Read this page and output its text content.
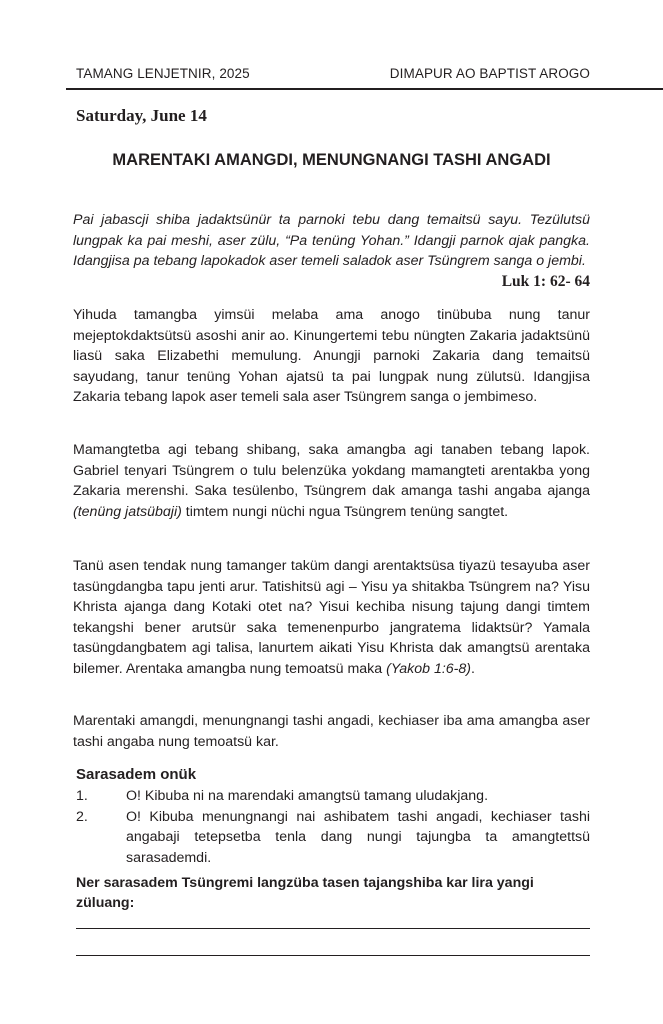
TAMANG LENJETNIR, 2025	DIMAPUR AO BAPTIST AROGO
Saturday, June 14
MARENTAKI AMANGDI, MENUNGNANGI TASHI ANGADI
Pai jabascji shiba jadaktsünür ta parnoki tebu dang temaitsü sayu. Tezülutsü lungpak ka pai meshi, aser zülu, “Pa tenüng Yohan.” Idangji parnok ɑjak pangka. Idangjisa pa tebang lapokadok aser temeli saladok aser Tsüngrem sanga o jembi.
Luk 1: 62- 64
Yihuda tamangba yimsüi melaba ama anogo tinübuba nung tanur mejeptokdaktsütsü asoshi anir ao. Kinungertemi tebu nüngten Zakaria jadaktsünü liasü saka Elizabethi memulung. Anungji parnoki Zakaria dang temaitsü sayudang, tanur tenüng Yohan ajatsü ta pai lungpak nung zülutsü. Idangjisa Zakaria tebang lapok aser temeli sala aser Tsüngrem sanga o jembimeso.
Mamangtetba agi tebang shibang, saka amangba agi tanaben tebang lapok. Gabriel tenyari Tsüngrem o tulu belenzüka yokdang mamangteti arentakba yong Zakaria merenshi. Saka tesülenbo, Tsüngrem dak amanga tashi angaba ajanga (tenüng jatsübɑji) timtem nungi nüchi ngua Tsüngrem tenüng sangtet.
Tanü asen tendak nung tamanger taküm dangi arentaktsüsa tiyazü tesayuba aser tasüngdangba tapu jenti arur. Tatishitsü agi – Yisu ya shitakba Tsüngrem na? Yisu Khrista ajanga dang Kotaki otet na? Yisui kechiba nisung tajung dangi timtem tekangshi bener arutsür saka temenenpurbo jangratema lidaktsür? Yamala tasüngdangbatem agi talisa, lanurtem aikati Yisu Khrista dak amangtsü arentaka bilemer. Arentaka amangba nung temoatsü maka (Yakob 1:6-8).
Marentaki amangdi, menungnangi tashi angadi, kechiaser iba ama amangba aser tashi angaba nung temoatsü kar.
Sarasadem onük
1.	O! Kibuba ni na marendaki amangtsü tamang uludakjang.
2.	O! Kibuba menungnangi nai ashibatem tashi angadi, kechiaser tashi angabaji tetepsetba tenla dang nungi tajungba ta amangtettsü sarasademdi.
Ner sarasadem Tsüngremi langzüba tasen tajangshiba kar lira yangi züluang:
